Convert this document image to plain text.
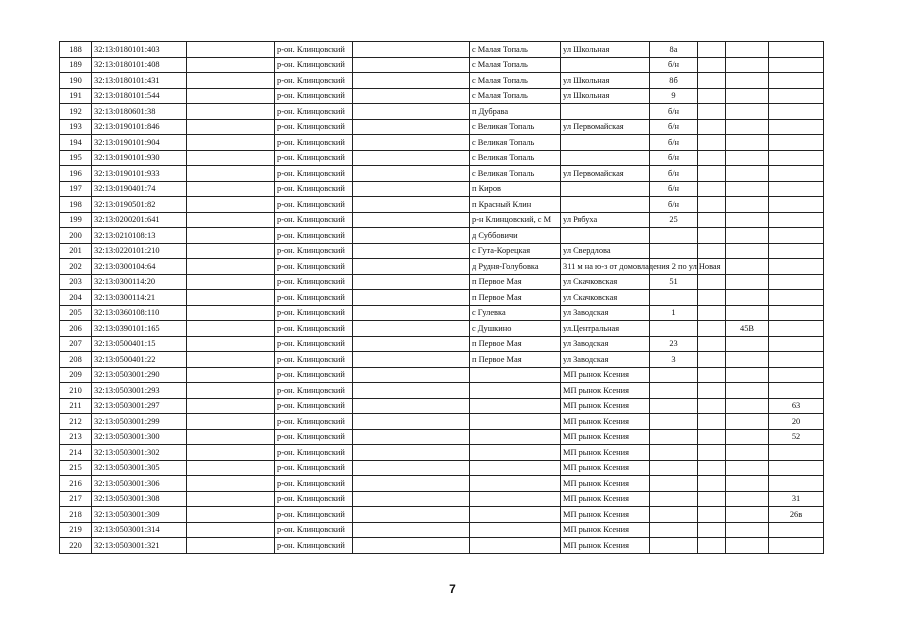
188	32:13:0180101:403		р-он. Клинцовский		с Малая Топаль	ул Школьная	8а			
189	32:13:0180101:408		р-он. Клинцовский		с Малая Топаль		б/н			
190	32:13:0180101:431		р-он. Клинцовский		с Малая Топаль	ул Школьная	8б			
191	32:13:0180101:544		р-он. Клинцовский		с Малая Топаль	ул Школьная	9			
192	32:13:0180601:38		р-он. Клинцовский		п Дубрава		б/н			
193	32:13:0190101:846		р-он. Клинцовский		с Великая Топаль	ул Первомайская	б/н			
194	32:13:0190101:904		р-он. Клинцовский		с Великая Топаль		б/н			
195	32:13:0190101:930		р-он. Клинцовский		с Великая Топаль		б/н			
196	32:13:0190101:933		р-он. Клинцовский		с Великая Топаль	ул Первомайская	б/н			
197	32:13:0190401:74		р-он. Клинцовский		п Киров		б/н			
198	32:13:0190501:82		р-он. Клинцовский		п Красный Клин		б/н			
199	32:13:0200201:641		р-он. Клинцовский		р-н Клинцовский, с М	ул Рябуха	25			
200	32:13:0210108:13		р-он. Клинцовский		д Суббовичи					
201	32:13:0220101:210		р-он. Клинцовский		с Гута-Корецкая	ул Свердлова				
202	32:13:0300104:64		р-он. Клинцовский		д Рудня-Голубовка	311 м на ю-з от домовладения 2 по ул Новая				
203	32:13:0300114:20		р-он. Клинцовский		п Первое Мая	ул Скачковская	51			
204	32:13:0300114:21		р-он. Клинцовский		п Первое Мая	ул Скачковская				
205	32:13:0360108:110		р-он. Клинцовский		с Гулевка	ул Заводская	1			
206	32:13:0390101:165		р-он. Клинцовский		с Душкино	ул.Центральная			45В	
207	32:13:0500401:15		р-он. Клинцовский		п Первое Мая	ул Заводская	23			
208	32:13:0500401:22		р-он. Клинцовский		п Первое Мая	ул Заводская	3			
209	32:13:0503001:290		р-он. Клинцовский			МП рынок Ксения				
210	32:13:0503001:293		р-он. Клинцовский			МП рынок Ксения				
211	32:13:0503001:297		р-он. Клинцовский			МП рынок Ксения				63
212	32:13:0503001:299		р-он. Клинцовский			МП рынок Ксения				20
213	32:13:0503001:300		р-он. Клинцовский			МП рынок Ксения				52
214	32:13:0503001:302		р-он. Клинцовский			МП рынок Ксения				
215	32:13:0503001:305		р-он. Клинцовский			МП рынок Ксения				
216	32:13:0503001:306		р-он. Клинцовский			МП рынок Ксения				
217	32:13:0503001:308		р-он. Клинцовский			МП рынок Ксения				31
218	32:13:0503001:309		р-он. Клинцовский			МП рынок Ксения				26в
219	32:13:0503001:314		р-он. Клинцовский			МП рынок Ксения				
220	32:13:0503001:321		р-он. Клинцовский			МП рынок Ксения				
7
